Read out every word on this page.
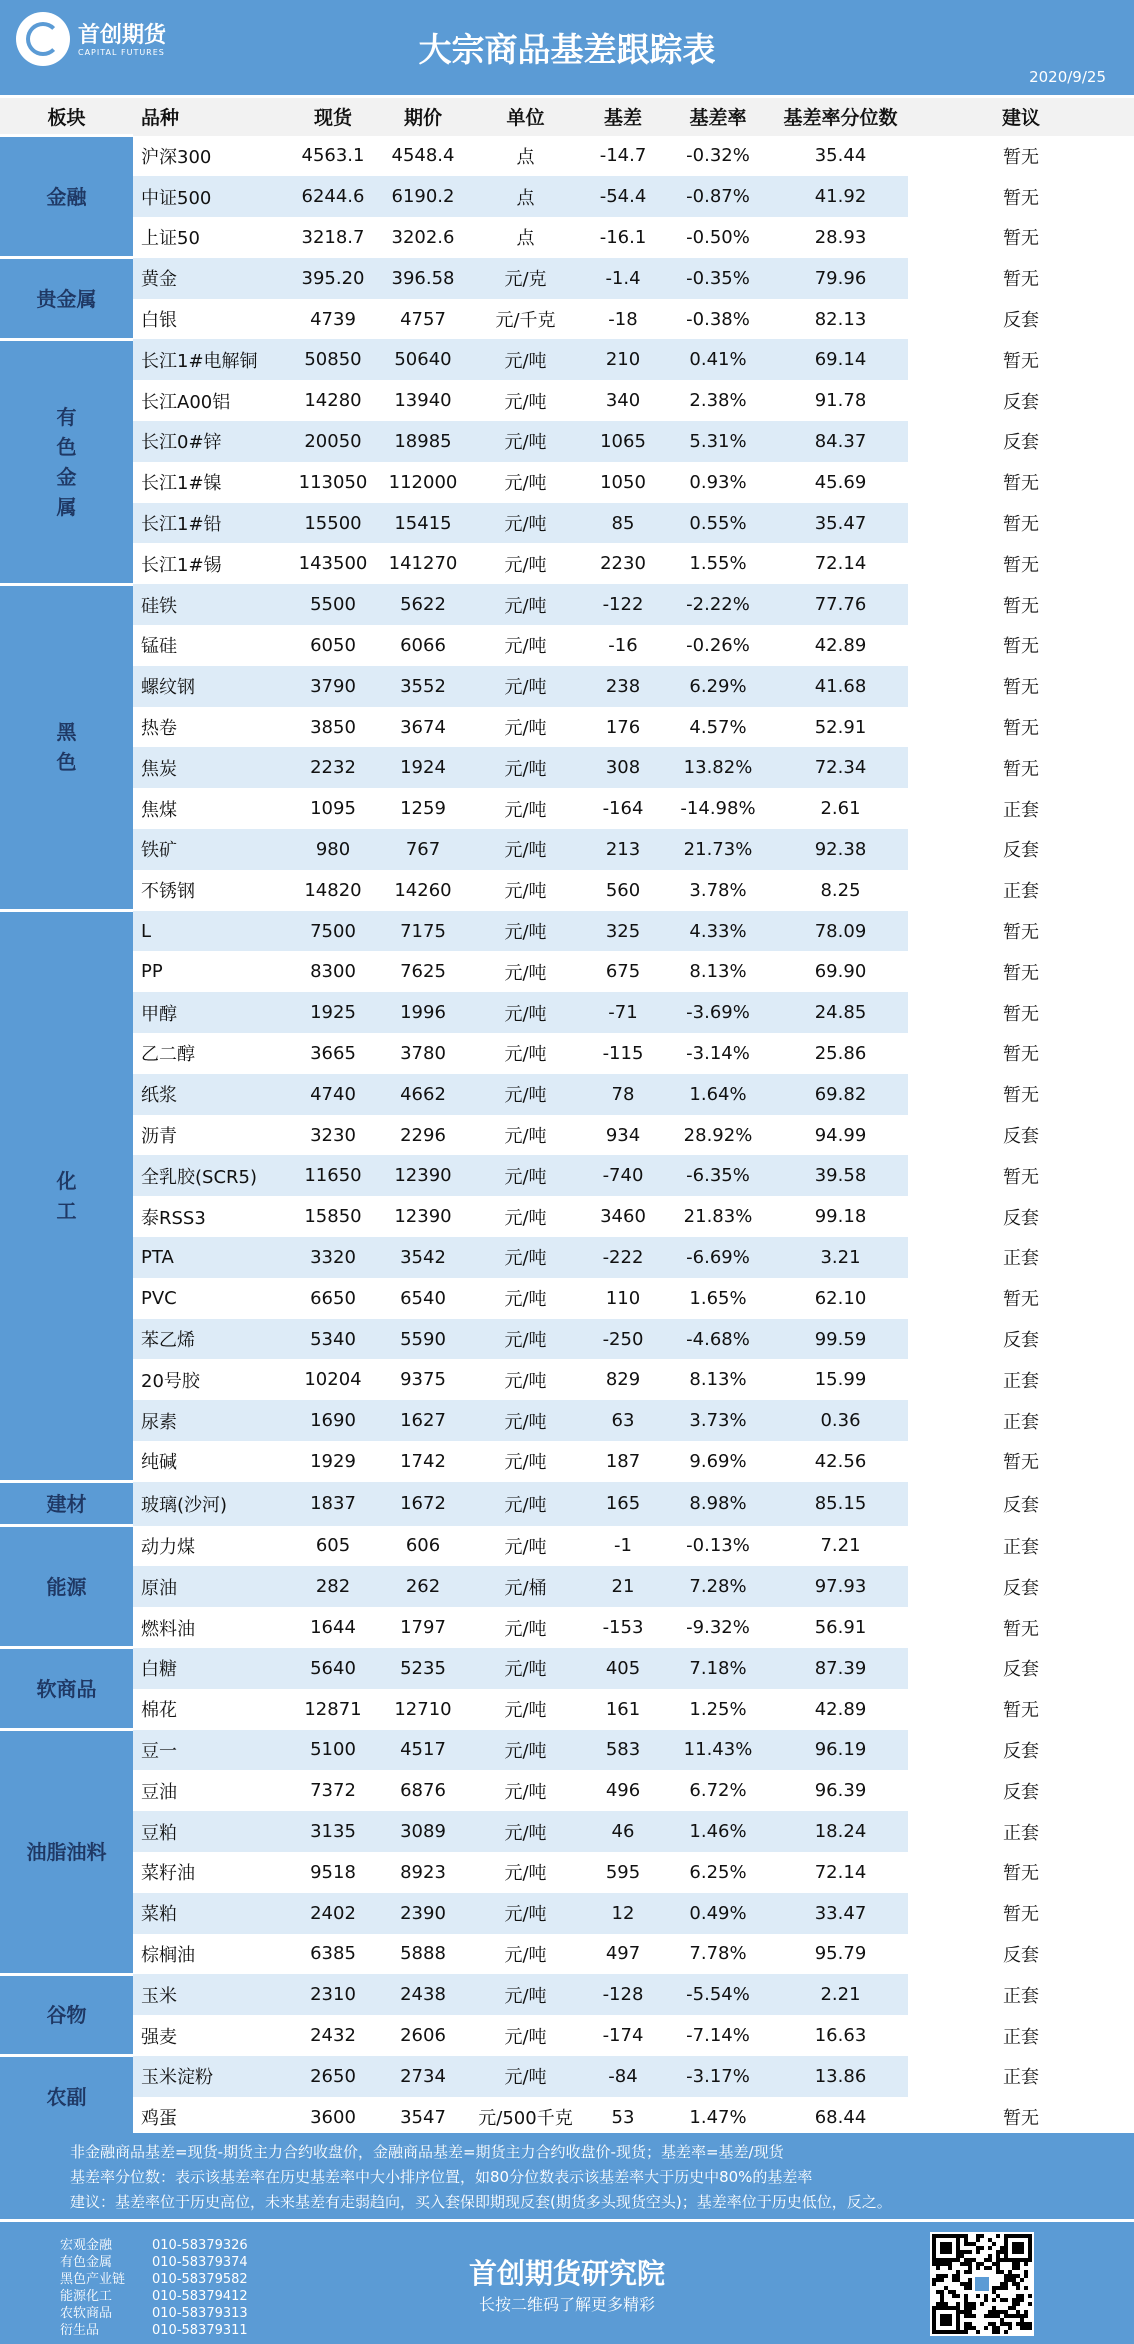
首创期货
CAPITAL FUTURES	大宗商品基差跟踪表
2020/9/25
板块	品种	现货	期价	单位	基差	基差率	基差率分位数	建议
金融	沪深300	4563.1	4548.4	点	-14.7	-0.32%	35.44	暂无
	中证500	6244.6	6190.2	点	-54.4	-0.87%	41.92	暂无
	上证50	3218.7	3202.6	点	-16.1	-0.50%	28.93	暂无
贵金属	黄金	395.20	396.58	元/克	-1.4	-0.35%	79.96	暂无
	白银	4739	4757	元/千克	-18	-0.38%	82.13	反套
有色金属	长江1#电解铜	50850	50640	元/吨	210	0.41%	69.14	暂无
	长江A00铝	14280	13940	元/吨	340	2.38%	91.78	反套
	长江0#锌	20050	18985	元/吨	1065	5.31%	84.37	反套
	长江1#镍	113050	112000	元/吨	1050	0.93%	45.69	暂无
	长江1#铅	15500	15415	元/吨	85	0.55%	35.47	暂无
	长江1#锡	143500	141270	元/吨	2230	1.55%	72.14	暂无
黑色	硅铁	5500	5622	元/吨	-122	-2.22%	77.76	暂无
	锰硅	6050	6066	元/吨	-16	-0.26%	42.89	暂无
	螺纹钢	3790	3552	元/吨	238	6.29%	41.68	暂无
	热卷	3850	3674	元/吨	176	4.57%	52.91	暂无
	焦炭	2232	1924	元/吨	308	13.82%	72.34	暂无
	焦煤	1095	1259	元/吨	-164	-14.98%	2.61	正套
	铁矿	980	767	元/吨	213	21.73%	92.38	反套
	不锈钢	14820	14260	元/吨	560	3.78%	8.25	正套
化工	L	7500	7175	元/吨	325	4.33%	78.09	暂无
	PP	8300	7625	元/吨	675	8.13%	69.90	暂无
	甲醇	1925	1996	元/吨	-71	-3.69%	24.85	暂无
	乙二醇	3665	3780	元/吨	-115	-3.14%	25.86	暂无
	纸浆	4740	4662	元/吨	78	1.64%	69.82	暂无
	沥青	3230	2296	元/吨	934	28.92%	94.99	反套
	全乳胶(SCR5)	11650	12390	元/吨	-740	-6.35%	39.58	暂无
	泰RSS3	15850	12390	元/吨	3460	21.83%	99.18	反套
	PTA	3320	3542	元/吨	-222	-6.69%	3.21	正套
	PVC	6650	6540	元/吨	110	1.65%	62.10	暂无
	苯乙烯	5340	5590	元/吨	-250	-4.68%	99.59	反套
	20号胶	10204	9375	元/吨	829	8.13%	15.99	正套
	尿素	1690	1627	元/吨	63	3.73%	0.36	正套
	纯碱	1929	1742	元/吨	187	9.69%	42.56	暂无
建材	玻璃(沙河)	1837	1672	元/吨	165	8.98%	85.15	反套
能源	动力煤	605	606	元/吨	-1	-0.13%	7.21	正套
	原油	282	262	元/桶	21	7.28%	97.93	反套
	燃料油	1644	1797	元/吨	-153	-9.32%	56.91	暂无
软商品	白糖	5640	5235	元/吨	405	7.18%	87.39	反套
	棉花	12871	12710	元/吨	161	1.25%	42.89	暂无
油脂油料	豆一	5100	4517	元/吨	583	11.43%	96.19	反套
	豆油	7372	6876	元/吨	496	6.72%	96.39	反套
	豆粕	3135	3089	元/吨	46	1.46%	18.24	正套
	菜籽油	9518	8923	元/吨	595	6.25%	72.14	暂无
	菜粕	2402	2390	元/吨	12	0.49%	33.47	暂无
	棕榈油	6385	5888	元/吨	497	7.78%	95.79	反套
谷物	玉米	2310	2438	元/吨	-128	-5.54%	2.21	正套
	强麦	2432	2606	元/吨	-174	-7.14%	16.63	正套
农副	玉米淀粉	2650	2734	元/吨	-84	-3.17%	13.86	正套
	鸡蛋	3600	3547	元/500千克	53	1.47%	68.44	暂无
非金融商品基差=现货-期货主力合约收盘价，金融商品基差=期货主力合约收盘价-现货；基差率=基差/现货
基差率分位数：表示该基差率在历史基差率中大小排序位置，如80分位数表示该基差率大于历史中80%的基差率
建议：基差率位于历史高位，未来基差有走弱趋向，买入套保即期现反套(期货多头现货空头)；基差率位于历史低位，反之。
宏观金融	010-58379326
有色金属	010-58379374
黑色产业链 010-58379582
能源化工	010-58379412
农软商品	010-58379313
衍生品	010-58379311
首创期货研究院
长按二维码了解更多精彩
